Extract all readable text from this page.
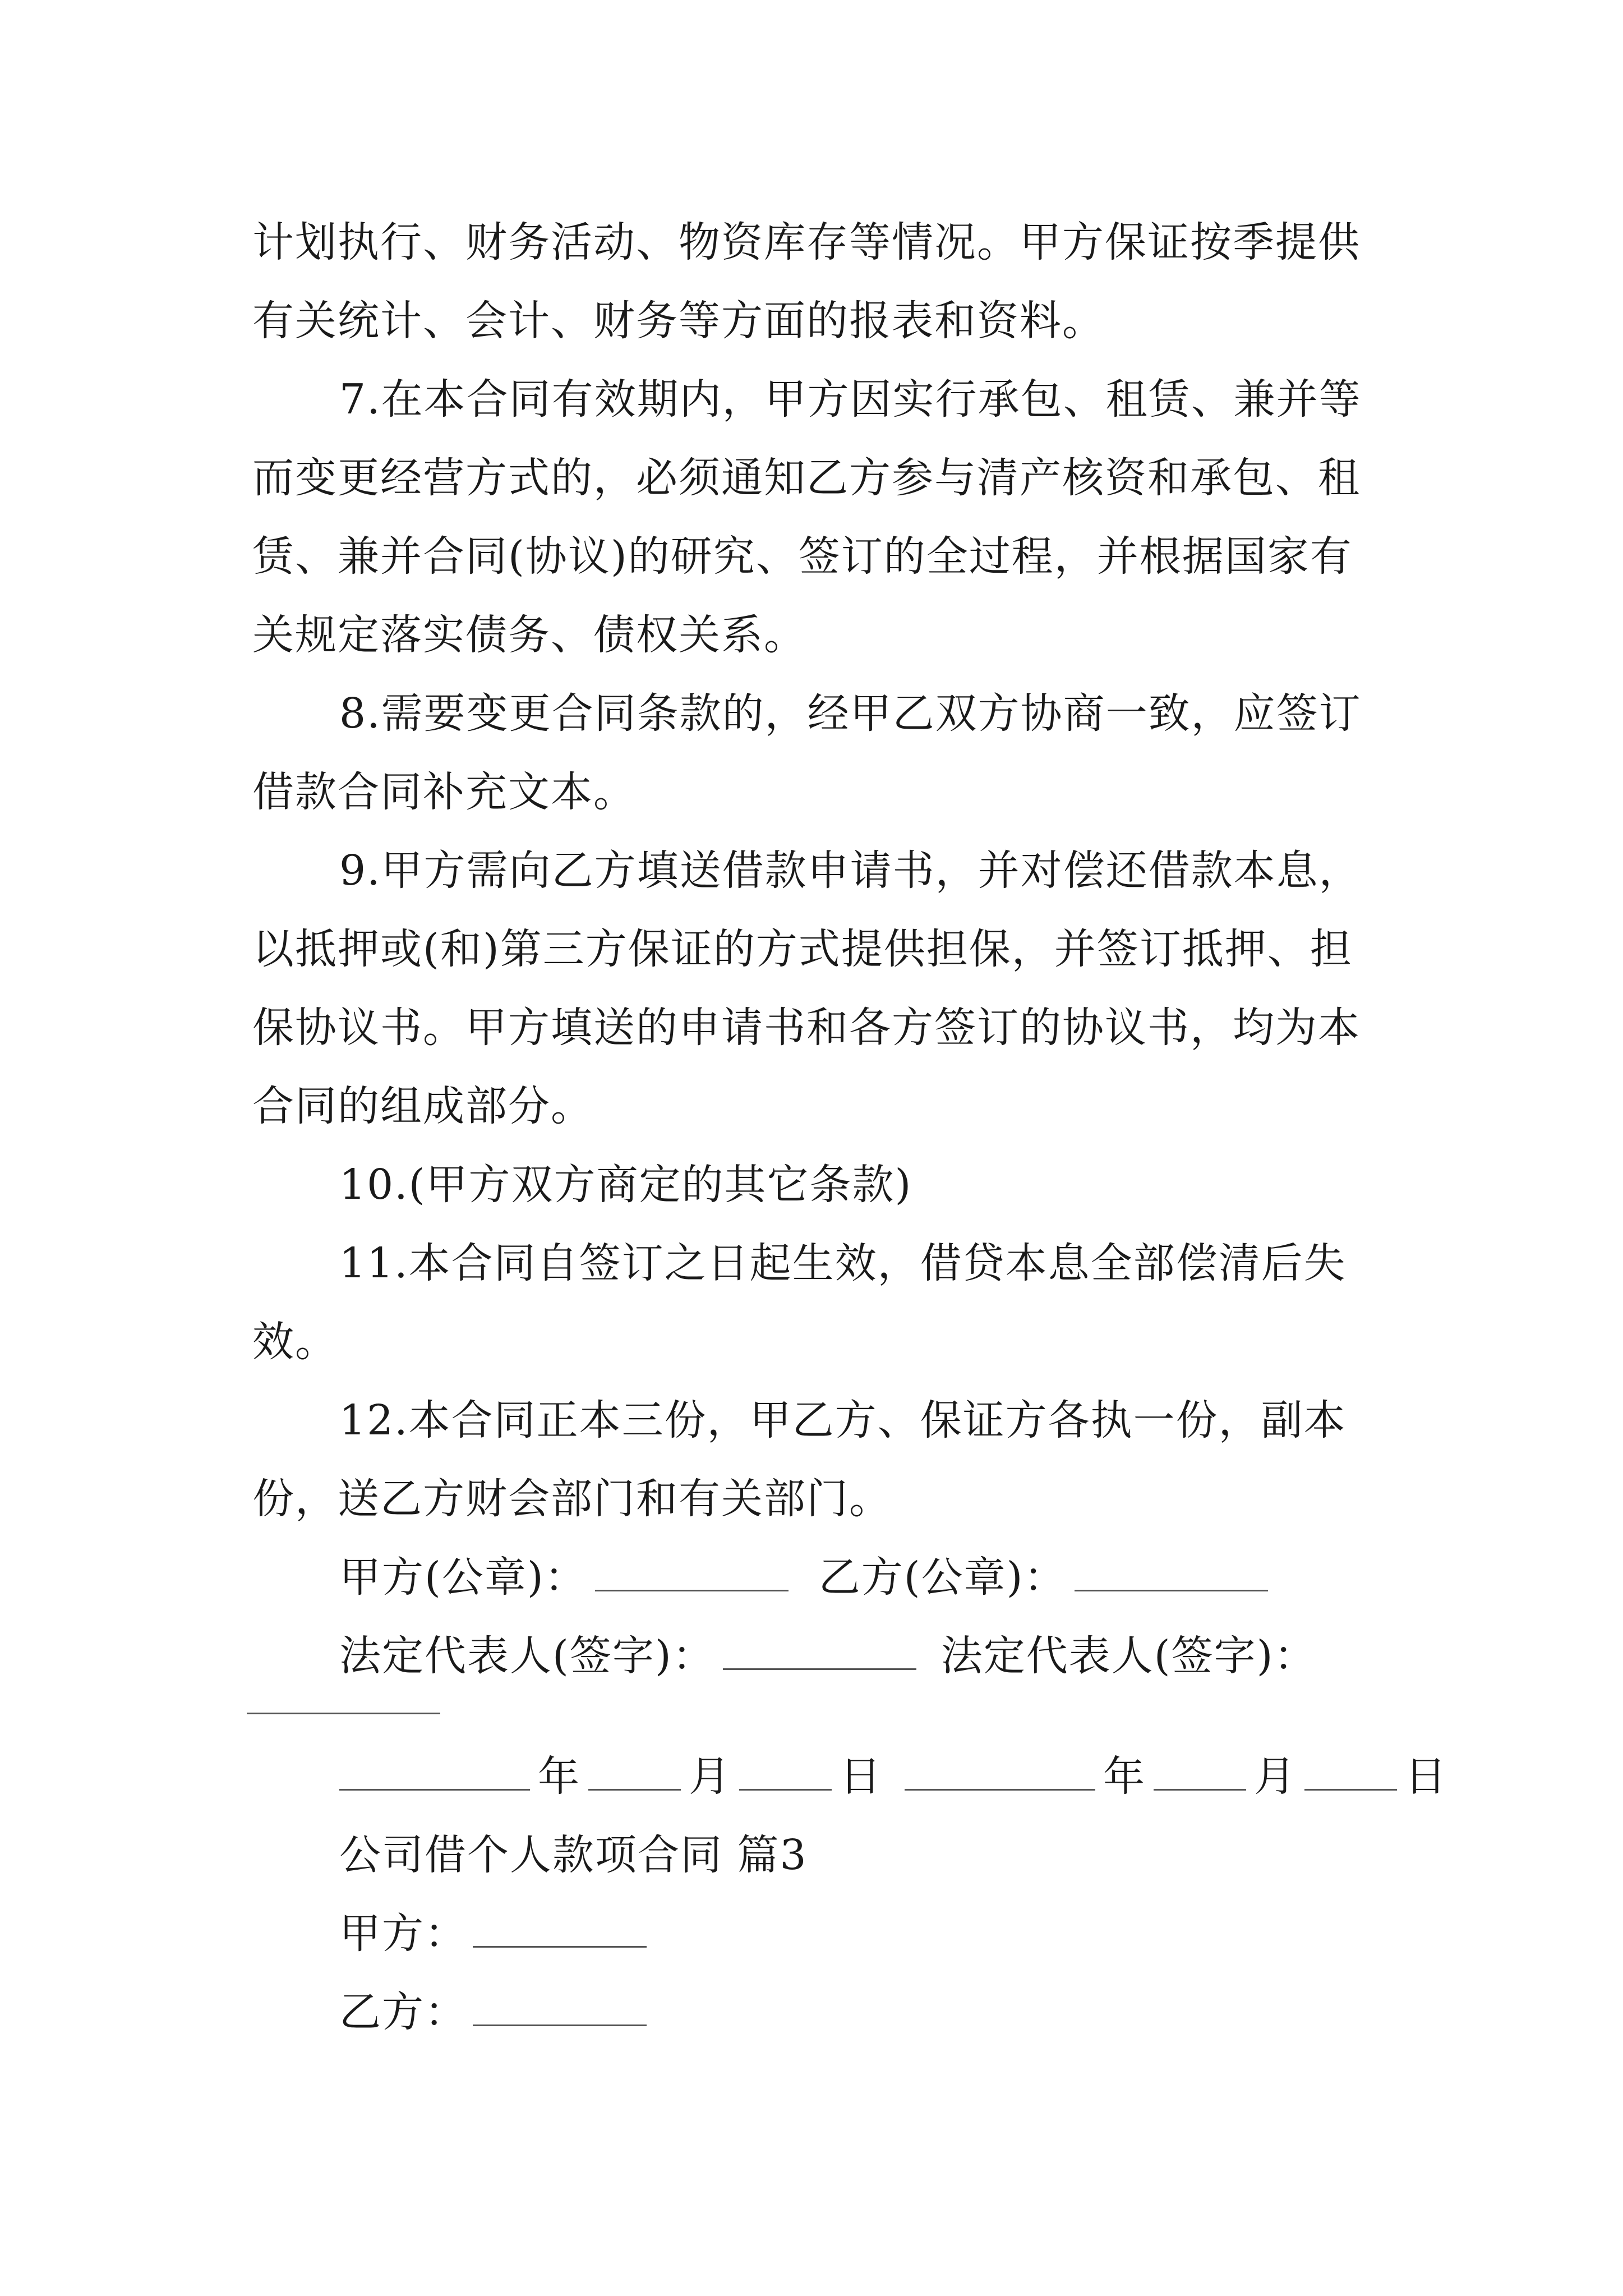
计划执行、财务活动、物资库存等情况。甲方保证按季提供
有关统计、会计、财务等方面的报表和资料。
7.在本合同有效期内，甲方因实行承包、租赁、兼并等
而变更经营方式的，必须通知乙方参与清产核资和承包、租
赁、兼并合同(协议)的研究、签订的全过程，并根据国家有
关规定落实债务、债权关系。
8.需要变更合同条款的，经甲乙双方协商一致，应签订
借款合同补充文本。
9.甲方需向乙方填送借款申请书，并对偿还借款本息，
以抵押或(和)第三方保证的方式提供担保，并签订抵押、担
保协议书。甲方填送的申请书和各方签订的协议书，均为本
合同的组成部分。
10.(甲方双方商定的其它条款)
11.本合同自签订之日起生效，借贷本息全部偿清后失
效。
12.本合同正本三份，甲乙方、保证方各执一份，副本
份，送乙方财会部门和有关部门。
甲方(公章)：	乙方(公章)：
法定代表人(签字)：	法定代表人(签字)：
年	月	日	年	月	日
公司借个人款项合同 篇3
甲方：
乙方：
